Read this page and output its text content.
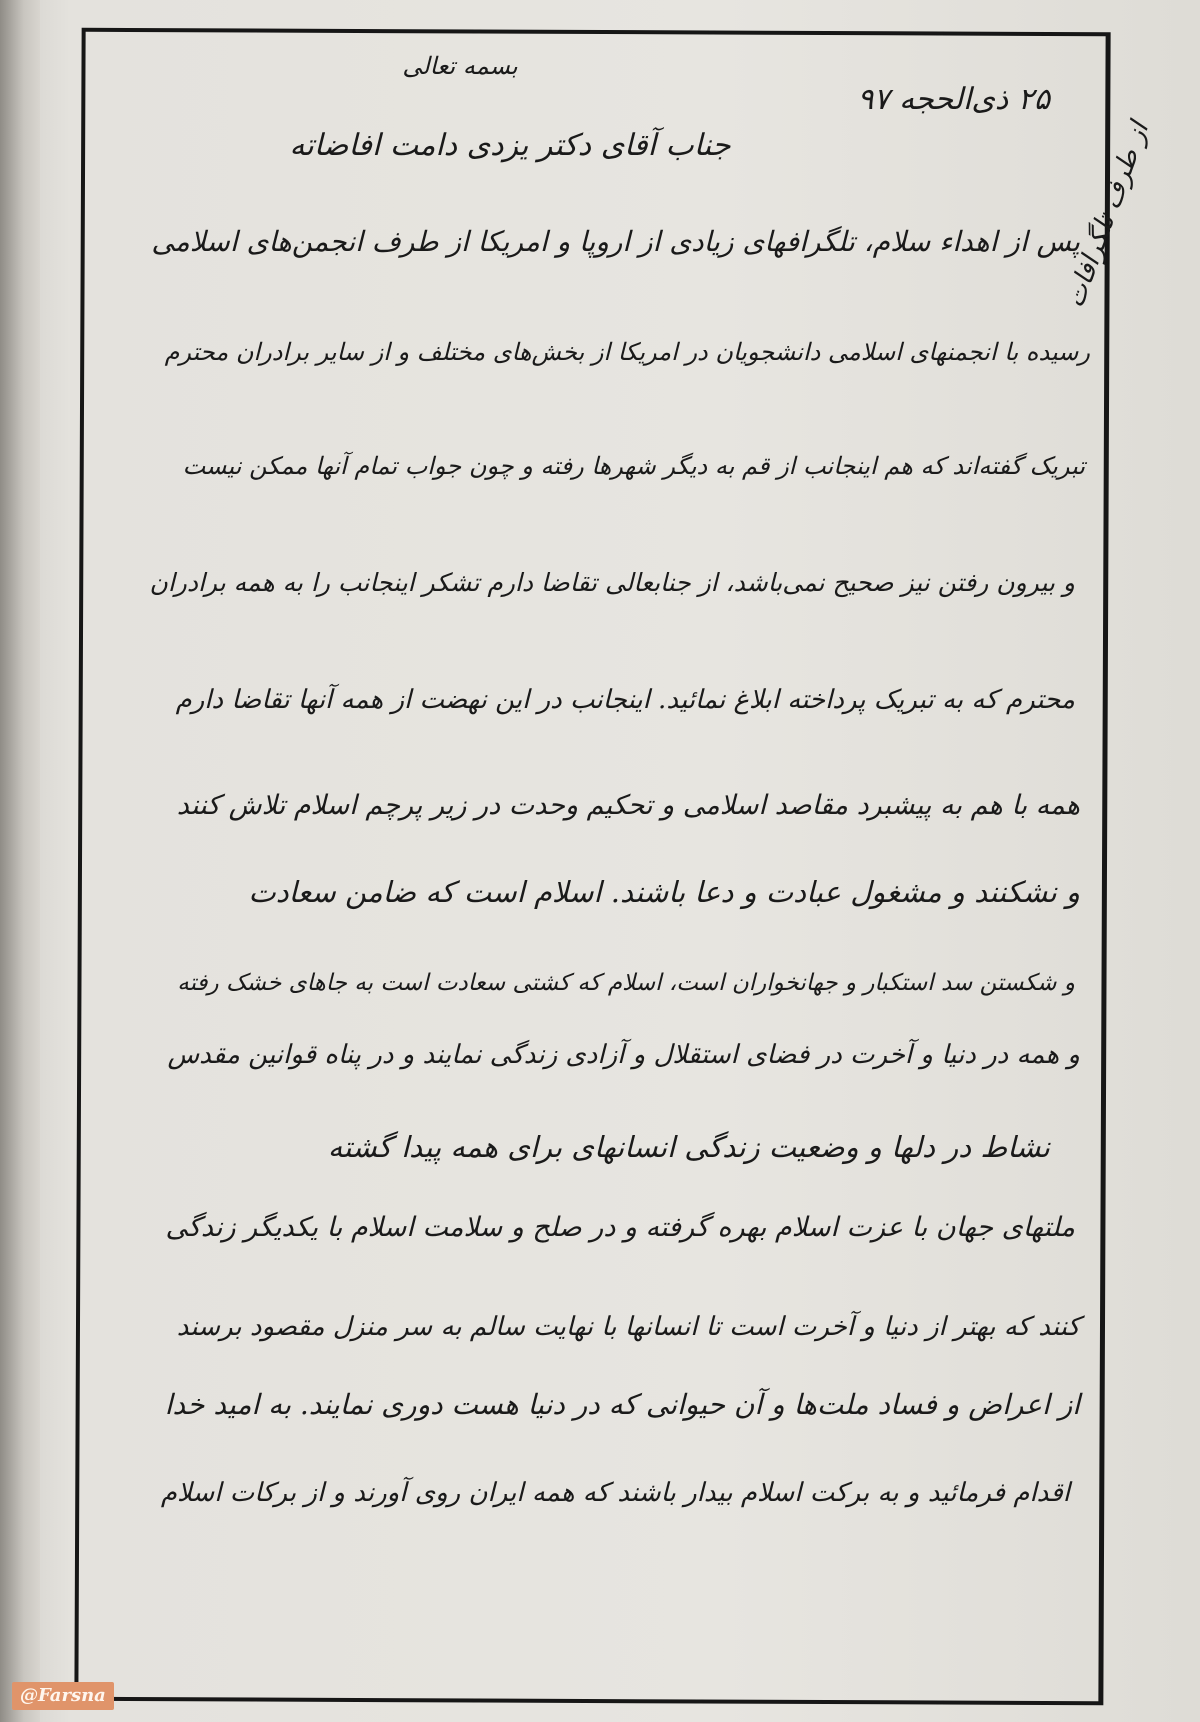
بسمه تعالی
۲۵ ذی‌الحجه ۹۷
جناب آقای دکتر یزدی دامت افاضاته	از طرف تلگرافات
پس از اهداء سلام، تلگرافهای زیادی از اروپا و امریکا از طرف انجمن‌های اسلامی
رسیده با انجمنهای اسلامی دانشجویان در امریکا از بخش‌های مختلف و از سایر برادران محترم
تبریک گفته‌اند که هم اینجانب از قم به دیگر شهرها رفته و چون جواب تمام آنها ممکن نیست
و بیرون رفتن نیز صحیح نمی‌باشد، از جنابعالی تقاضا دارم تشکر اینجانب را به همه برادران
محترم که به تبریک پرداخته ابلاغ نمائید. اینجانب در این نهضت از همه آنها تقاضا دارم
همه با هم به پیشبرد مقاصد اسلامی و تحکیم وحدت در زیر پرچم اسلام تلاش کنند
و نشکنند و مشغول عبادت و دعا باشند. اسلام است که ضامن سعادت
و شکستن سد استکبار و جهانخواران است، اسلام که کشتی سعادت است به جاهای خشک رفته
و همه در دنیا و آخرت در فضای استقلال و آزادی زندگی نمایند و در پناه قوانین مقدس
نشاط در دلها و وضعیت زندگی انسانهای برای همه پیدا گشته
ملتهای جهان با عزت اسلام بهره گرفته و در صلح و سلامت اسلام با یکدیگر زندگی
کنند که بهتر از دنیا و آخرت است تا انسانها با نهایت سالم به سر منزل مقصود برسند
از اعراض و فساد ملت‌ها و آن حیوانی که در دنیا هست دوری نمایند. به امید خدا
اقدام فرمائید و به برکت اسلام بیدار باشند که همه ایران روی آورند و از برکات اسلام
@Farsna
